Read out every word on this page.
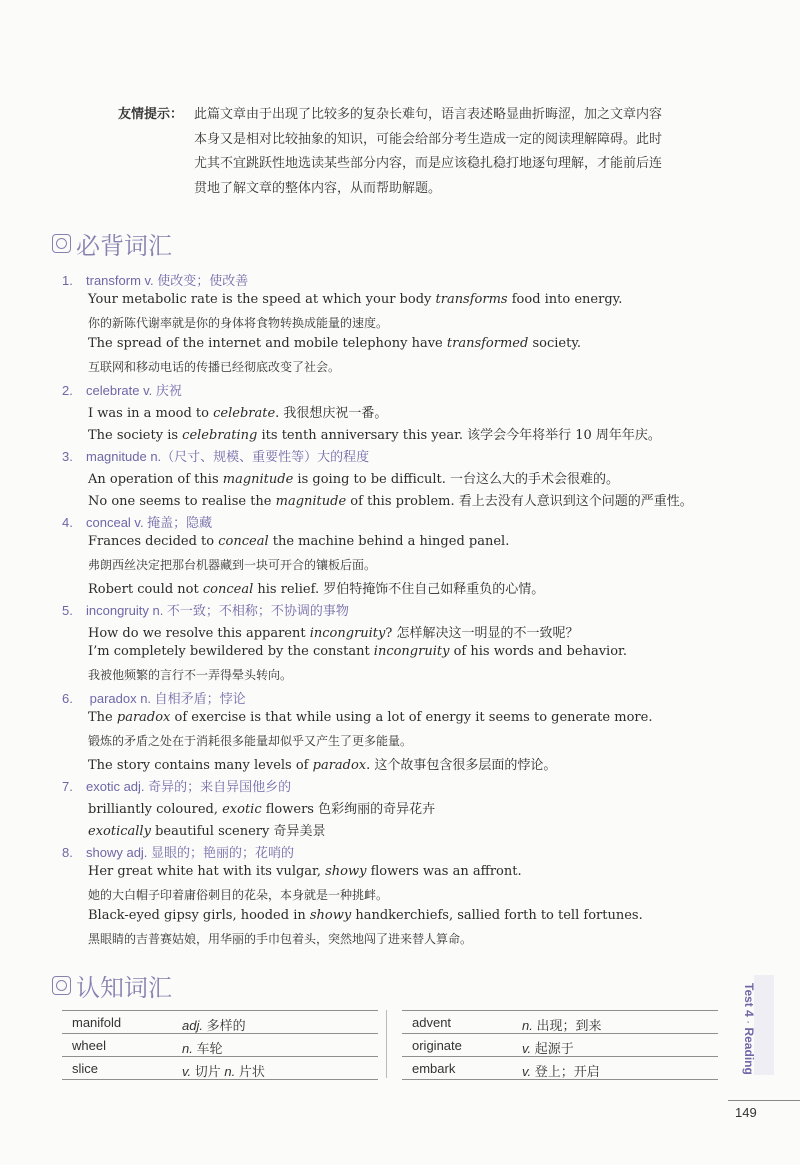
友情提示： 此篇文章由于出现了比较多的复杂长难句，语言表述略显曲折晦涩，加之文章内容
本身又是相对比较抽象的知识，可能会给部分考生造成一定的阅读理解障碍。此时
尤其不宜跳跃性地选读某些部分内容，而是应该稳扎稳打地逐句理解，才能前后连
贯地了解文章的整体内容，从而帮助解题。
必背词汇
1. transform v. 使改变；使改善
Your metabolic rate is the speed at which your body transforms food into energy.
你的新陈代谢率就是你的身体将食物转换成能量的速度。
The spread of the internet and mobile telephony have transformed society.
互联网和移动电话的传播已经彻底改变了社会。
2. celebrate v. 庆祝
I was in a mood to celebrate. 我很想庆祝一番。
The society is celebrating its tenth anniversary this year. 该学会今年将举行 10 周年年庆。
3. magnitude n.（尺寸、规模、重要性等）大的程度
An operation of this magnitude is going to be difficult. 一台这么大的手术会很难的。
No one seems to realise the magnitude of this problem. 看上去没有人意识到这个问题的严重性。
4. conceal v. 掩盖；隐藏
Frances decided to conceal the machine behind a hinged panel.
弗朗西丝决定把那台机器藏到一块可开合的镶板后面。
Robert could not conceal his relief. 罗伯特掩饰不住自己如释重负的心情。
5. incongruity n. 不一致；不相称；不协调的事物
How do we resolve this apparent incongruity? 怎样解决这一明显的不一致呢？
I’m completely bewildered by the constant incongruity of his words and behavior.
我被他频繁的言行不一弄得晕头转向。
6. paradox n. 自相矛盾；悖论
The paradox of exercise is that while using a lot of energy it seems to generate more.
锻炼的矛盾之处在于消耗很多能量却似乎又产生了更多能量。
The story contains many levels of paradox. 这个故事包含很多层面的悖论。
7. exotic adj. 奇异的；来自异国他乡的
brilliantly coloured, exotic flowers 色彩绚丽的奇异花卉
exotically beautiful scenery 奇异美景
8. showy adj. 显眼的；艳丽的；花哨的
Her great white hat with its vulgar, showy flowers was an affront.
她的大白帽子印着庸俗刺目的花朵，本身就是一种挑衅。
Black-eyed gipsy girls, hooded in showy handkerchiefs, sallied forth to tell fortunes.
黑眼睛的吉普赛姑娘，用华丽的手巾包着头，突然地闯了进来替人算命。
认知词汇
manifold	adj. 多样的
wheel	n. 车轮
slice	v. 切片 n. 片状
advent	n. 出现；到来
originate	v. 起源于
embark	v. 登上；开启
Test 4 · Reading
149
